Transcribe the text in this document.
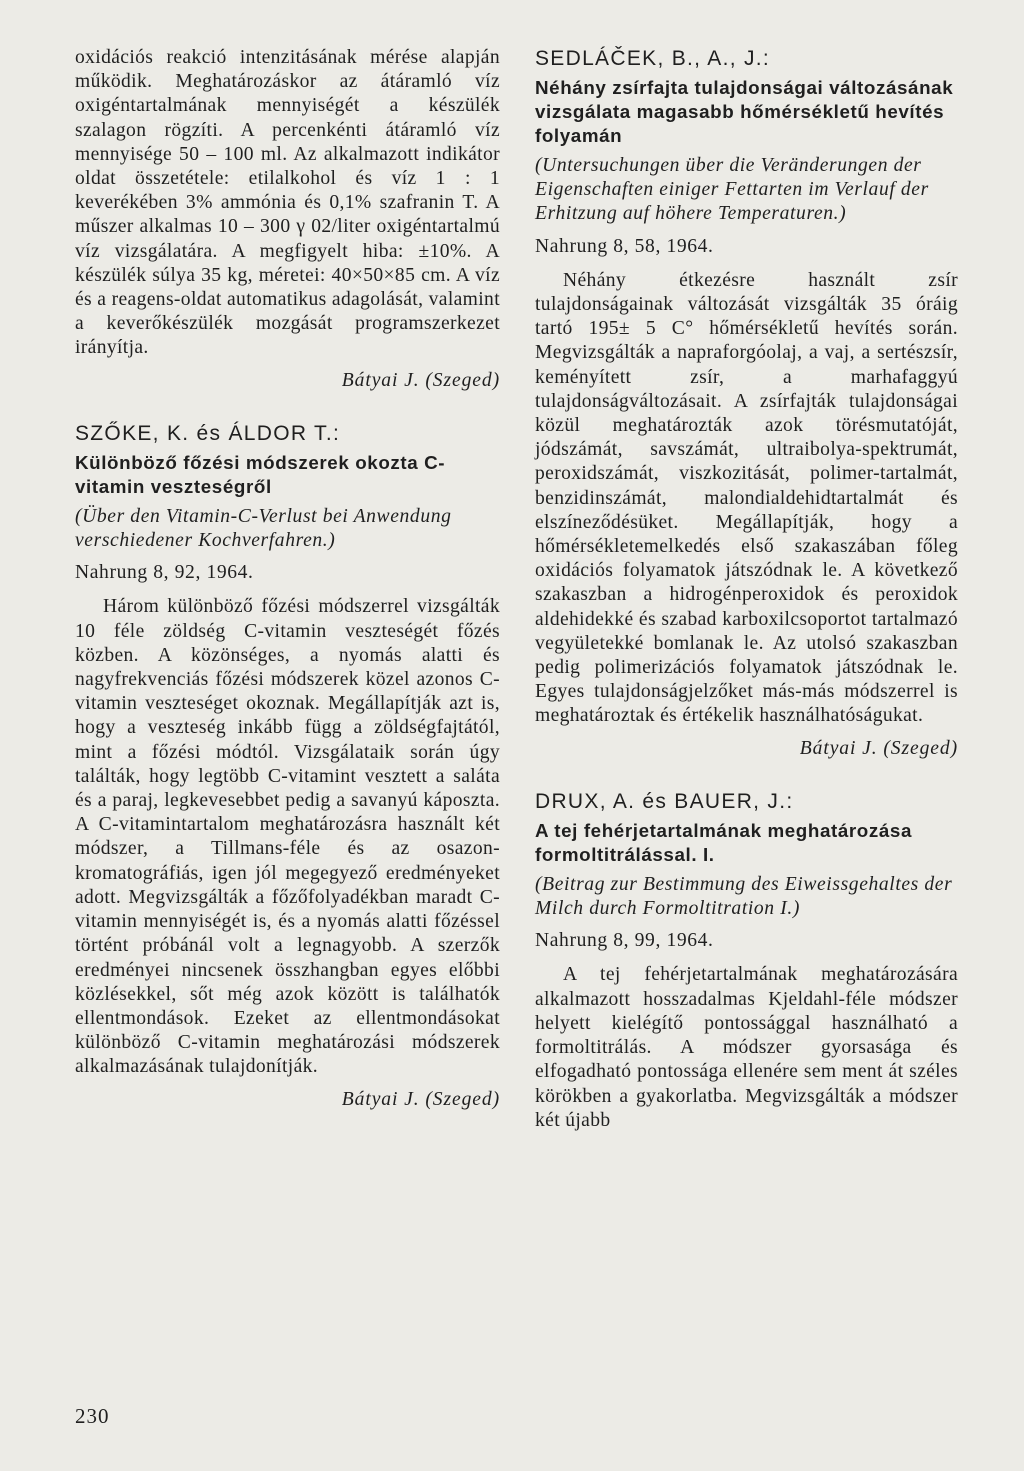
oxidációs reakció intenzitásának mérése alapján működik. Meghatározáskor az átáramló víz oxigéntartalmának mennyiségét a készülék szalagon rögzíti. A percenkénti átáramló víz mennyisége 50 – 100 ml. Az alkalmazott indikátor oldat összetétele: etilalkohol és víz 1 : 1 keverékében 3% ammónia és 0,1% szafranin T. A műszer alkalmas 10 – 300 γ 02/liter oxigéntartalmú víz vizsgálatára. A megfigyelt hiba: ±10%. A készülék súlya 35 kg, méretei: 40×50×85 cm. A víz és a reagens-oldat automatikus adagolását, valamint a keverőkészülék mozgását programszerkezet irányítja.

Bátyai J. (Szeged)

SZŐKE, K. és ÁLDOR T.:

Különböző főzési módszerek okozta C-vitamin veszteségről

(Über den Vitamin-C-Verlust bei Anwendung verschiedener Kochverfahren.)

Nahrung 8, 92, 1964.

Három különböző főzési módszerrel vizsgálták 10 féle zöldség C-vitamin veszteségét főzés közben. A közönséges, a nyomás alatti és nagyfrekvenciás főzési módszerek közel azonos C-vitamin veszteséget okoznak. Megállapítják azt is, hogy a veszteség inkább függ a zöldségfajtától, mint a főzési módtól. Vizsgálataik során úgy találták, hogy legtöbb C-vitamint vesztett a saláta és a paraj, legkevesebbet pedig a savanyú káposzta. A C-vitamintartalom meghatározásra használt két módszer, a Tillmans-féle és az osazon-kromatográfiás, igen jól megegyező eredményeket adott. Megvizsgálták a főzőfolyadékban maradt C-vitamin mennyiségét is, és a nyomás alatti főzéssel történt próbánál volt a legnagyobb. A szerzők eredményei nincsenek összhangban egyes előbbi közlésekkel, sőt még azok között is találhatók ellentmondások. Ezeket az ellentmondásokat különböző C-vitamin meghatározási módszerek alkalmazásának tulajdonítják.

Bátyai J. (Szeged)

SEDLÁČEK, B., A., J.:

Néhány zsírfajta tulajdonságai változásának vizsgálata magasabb hőmérsékletű hevítés folyamán

(Untersuchungen über die Veränderungen der Eigenschaften einiger Fettarten im Verlauf der Erhitzung auf höhere Temperaturen.)

Nahrung 8, 58, 1964.

Néhány étkezésre használt zsír tulajdonságainak változását vizsgálták 35 óráig tartó 195± 5 C° hőmérsékletű hevítés során. Megvizsgálták a napraforgóolaj, a vaj, a sertészsír, keményített zsír, a marhafaggyú tulajdonságváltozásait. A zsírfajták tulajdonságai közül meghatározták azok törésmutatóját, jódszámát, savszámát, ultraibolya-spektrumát, peroxidszámát, viszkozitását, polimer-tartalmát, benzidinszámát, malondialdehidtartalmát és elszíneződésüket. Megállapítják, hogy a hőmérsékletemelkedés első szakaszában főleg oxidációs folyamatok játszódnak le. A következő szakaszban a hidrogénperoxidok és peroxidok aldehidekké és szabad karboxilcsoportot tartalmazó vegyületekké bomlanak le. Az utolsó szakaszban pedig polimerizációs folyamatok játszódnak le. Egyes tulajdonságjelzőket más-más módszerrel is meghatároztak és értékelik használhatóságukat.

Bátyai J. (Szeged)

DRUX, A. és BAUER, J.:

A tej fehérjetartalmának meghatározása formoltitrálással. I.

(Beitrag zur Bestimmung des Eiweissgehaltes der Milch durch Formoltitration I.)

Nahrung 8, 99, 1964.

A tej fehérjetartalmának meghatározására alkalmazott hosszadalmas Kjeldahl-féle módszer helyett kielégítő pontossággal használható a formoltitrálás. A módszer gyorsasága és elfogadható pontossága ellenére sem ment át széles körökben a gyakorlatba. Megvizsgálták a módszer két újabb

230
